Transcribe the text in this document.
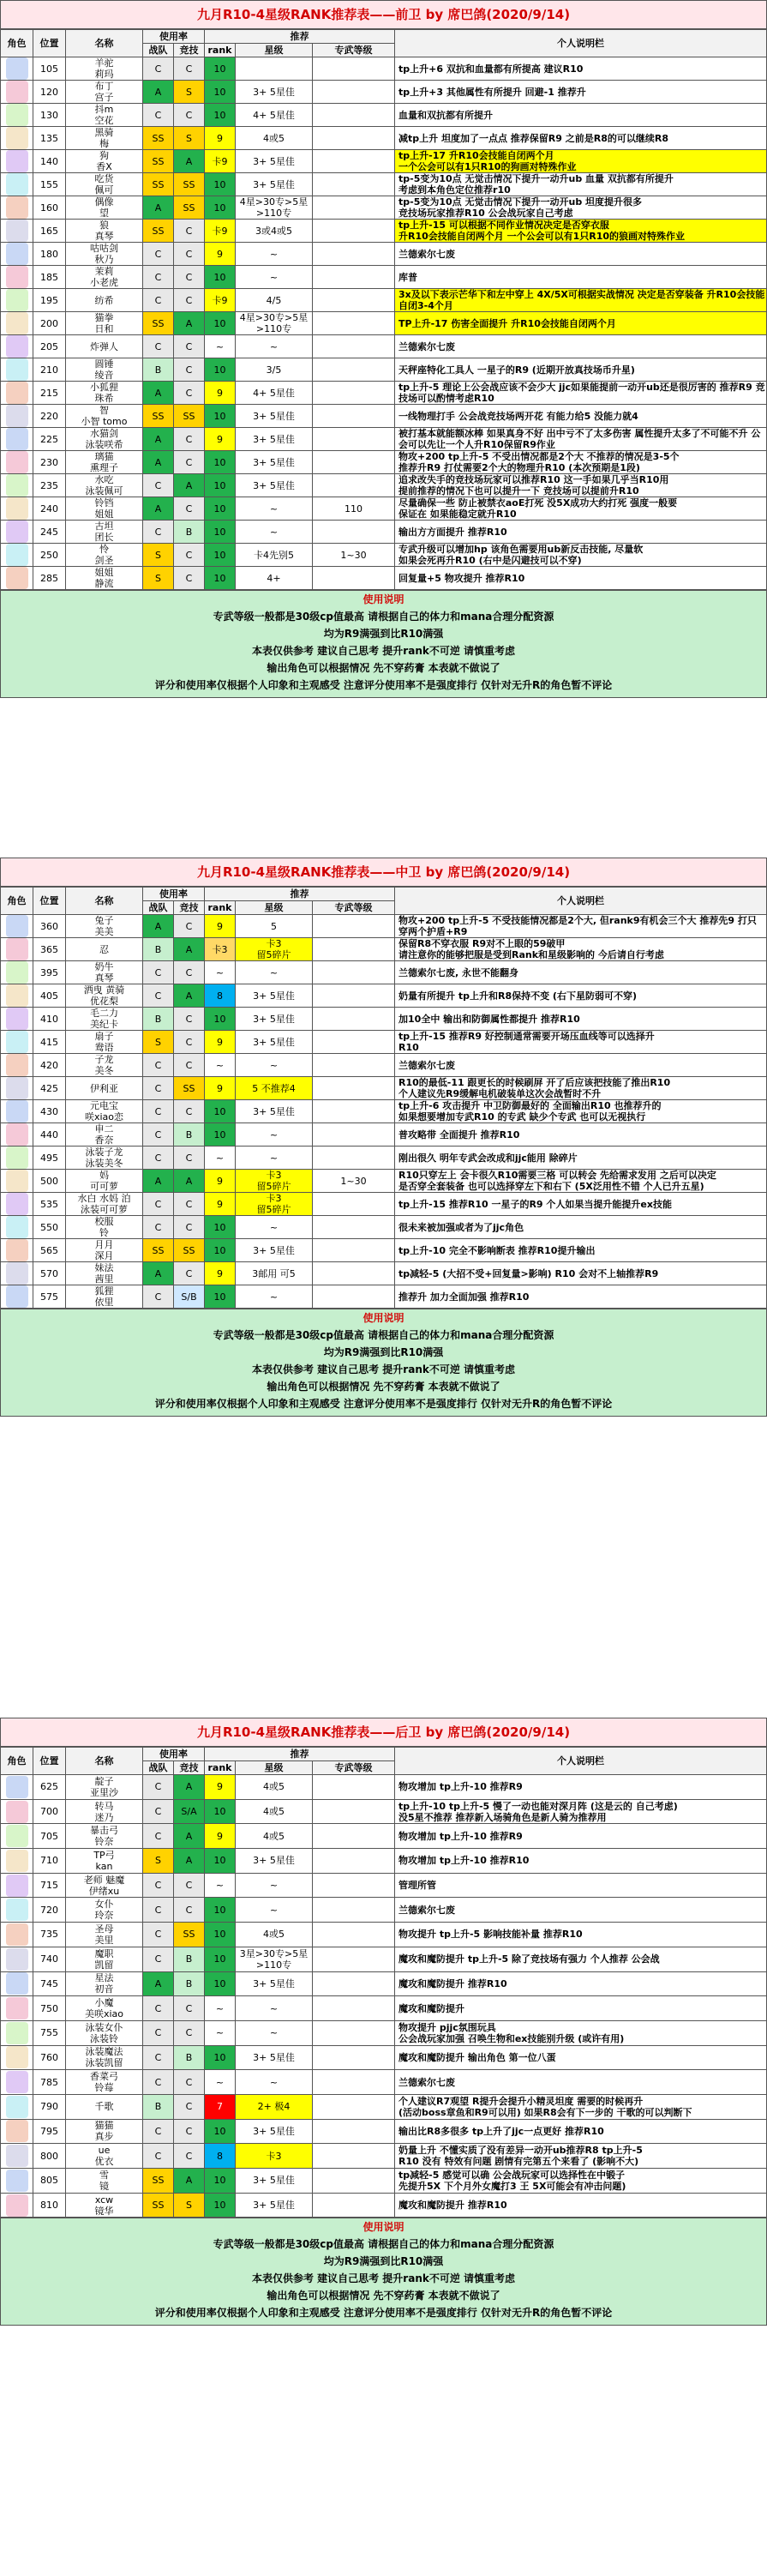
九月R10-4星级RANK推荐表——前卫 by 席巴鸽(2020/9/14)
角色	位置	名称	使用率		推荐			个人说明栏
			战队	竞技	rank	星级	专武等级	

	105	羊驼
莉玛	C	C	10			tp上升+6 双抗和血量都有所提高 建议R10

	120	布丁
宫子	A	S	10	3+ 5星佳		tp上升+3 其他属性有所提升 回避-1 推荐升

	130	抖m
空花	C	C	10	4+ 5星佳		血量和双抗都有所提升

	135	黑骑
梅	SS	S	9	4或5		减tp上升 坦度加了一点点 推荐保留R9 之前是R8的可以继续R8

	140	狗
香X	SS	A	卡9	3+ 5星佳		tp上升-17 升R10会技能自闭两个月
一个公会可以有1只R10的狗画对特殊作业

	155	吃货
佩可	SS	SS	10	3+ 5星佳		tp-5变为10点 无觉击情况下提升一动升ub 血量 双抗都有所提升
考虑到本角色定位推荐r10

	160	偶像
望	A	SS	10	4星>30专>5星>110专		tp-5变为10点 无觉击情况下提升一动开ub 坦度提升很多
竞技场玩家推荐R10 公会战玩家自己考虑

	165	狼
真琴	SS	C	卡9	3或4或5		tp上升-15 可以根据不同作业情况决定是否穿衣服
升R10会技能自闭两个月 一个公会可以有1只R10的狼画对特殊作业

	180	咕咕剑
秋乃	C	C	9	~		兰德索尔七废

	185	茉莉
小老虎	C	C	10	~		库普

	195	纺希	C	C	卡9	4/5		3x及以下表示芒华下和左中穿上 4X/5X可根据实战情况 决定是否穿装备 升R10会技能自闭3-4个月

	200	猫拳
日和	SS	A	10	4星>30专>5星>110专		TP上升-17 伤害全面提升 升R10会技能自闭两个月

	205	炸弹人	C	C	~	~		兰德索尔七废

	210	圆锤
绫音	B	C	10	3/5		天秤座特化工具人 一星子的R9 (近期开放真技场币升星)

	215	小狐狸
珠希	A	C	9	4+ 5星佳		tp上升-5 理论上公会战应该不会少大 jjc如果能提前一动开ub还是很厉害的 推荐R9 竞技场可以酌情考虑R10

	220	智
小智 tomo	SS	SS	10	3+ 5星佳		一线物理打手 公会战竞技场两开花 有能力给5 没能力就4

	225	水猫剑
泳装咲希	A	C	9	3+ 5星佳		被打基本就能额冰棒 如果真身不好 出中亏不了太多伤害 属性提升太多了不可能不升 公会可以先让一个人升R10保留R9作业

	230	璃猫
熏理子	A	C	10	3+ 5星佳		物攻+200 tp上升-5 不受出情况都是2个大 不推荐的情况是3-5个
推荐升R9 打仗需要2个大的物理升R10 (本次预期是1段)

	235	水吃
泳装佩可	C	A	10	3+ 5星佳		追求改失手的竞技场玩家可以推荐R10 这一手如果几乎当R10用
提前推荐的情况下也可以提升一下 竞技场可以提前升R10

	240	铃铛
姐姐	A	C	10	~	110	尽量确保一些 防止被禁衣aoE打死 没5X成功大约打死 强度一般要
保证在 如果能稳定就升R10

	245	古坦
团长	C	B	10	~		输出方方面提升 推荐R10

	250	怜
剑圣	S	C	10	卡4先别5	1~30	专武升级可以增加hp 该角色需要用ub新反击技能, 尽量软
如果会死再升R10 (右中是闪避技可以不穿)

	285	姐姐
静流	S	C	10	4+		回复量+5 物攻提升 推荐R10
使用说明
专武等级一般都是30级cp值最高 请根据自己的体力和mana合理分配资源
均为R9满强到比R10满强
本表仅供参考 建议自己思考 提升rank不可逆 请慎重考虑
输出角色可以根据情况 先不穿药膏 本表就不做说了
评分和使用率仅根据个人印象和主观感受 注意评分使用率不是强度排行 仅针对无升R的角色暂不评论
九月R10-4星级RANK推荐表——中卫 by 席巴鸽(2020/9/14)
角色	位置	名称	使用率		推荐			个人说明栏
			战队	竞技	rank	星级	专武等级	

	360	兔子
美美	A	C	9	5		物攻+200 tp上升-5 不受技能情况都是2个大, 但rank9有机会三个大 推荐先9 打只穿两个护盾+R9

	365	忍	B	A	卡3	卡3
留5碎片		保留R8不穿衣服 R9对不上眼的59破甲
请注意你的能够把服是受到Rank和星级影响的 今后请自行考虑

	395	奶牛
真琴	C	C	~	~		兰德索尔七废, 永世不能翻身

	405	洒曳 黄骑
优花梨	C	A	8	3+ 5星佳		奶量有所提升 tp上升和R8保持不变 (右下星防弱可不穿)

	410	毛二力
美纪卡	B	C	10	3+ 5星佳		加10全中 输出和防御属性都提升 推荐R10

	415	扇子
鸯语	S	C	9	3+ 5星佳		tp上升-15 推荐R9 好控制通常需要开场压血线等可以选择升
R10

	420	子龙
美冬	C	C	~	~		兰德索尔七废

	425	伊利亚	C	SS	9	5 不推荐4		R10的最低-11 跟更长的时候刷屏 开了后应该把技能了推出R10
个人建议先R9缓解电机破装单这次会战暂时不升

	430	元电宝
咲xiao恋	C	C	10	3+ 5星佳		tp上升-6 攻击提升 中卫防御最好的 全面输出R10 也推荐升的
如果想要增加专武R10 的专武 缺少个专武 也可以无视执行

	440	申二
香奈	C	B	10	~		普攻略带 全面提升 推荐R10

	495	泳装子龙
泳装美冬	C	C	~	~		刚出很久 明年专武会改成和jjc能用 除碎片

	500	妈
可可萝	A	A	9	卡3
留5碎片	1~30	R10只穿左上 会卡很久R10需要三格 可以转会 先给需求发用 之后可以决定
是否穿全套装备 也可以选择穿左下和右下 (5X泛用性不错 个人已升五星)

	535	水白 水妈 泊
泳装可可萝	C	C	9	卡3
留5碎片		tp上升-15 推荐R10 一星子的R9 个人如果当提升能提升ex技能

	550	校服
铃	C	C	10	~		很未来被加强或者为了jjc角色

	565	月月
深月	SS	SS	10	3+ 5星佳		tp上升-10 完全不影响断表 推荐R10提升输出

	570	妹法
茜里	A	C	9	3邮用 可5		tp减轻-5 (大招不受+回复量>影响) R10 会对不上轴推荐R9

	575	狐狸
依里	C	S/B	10	~		推荐升 加力全面加强 推荐R10
使用说明
专武等级一般都是30级cp值最高 请根据自己的体力和mana合理分配资源
均为R9满强到比R10满强
本表仅供参考 建议自己思考 提升rank不可逆 请慎重考虑
输出角色可以根据情况 先不穿药膏 本表就不做说了
评分和使用率仅根据个人印象和主观感受 注意评分使用率不是强度排行 仅针对无升R的角色暂不评论
九月R10-4星级RANK推荐表——后卫 by 席巴鸽(2020/9/14)
角色	位置	名称	使用率		推荐			个人说明栏
			战队	竞技	rank	星级	专武等级	

	625	靛子
亚里沙	C	A	9	4或5		物攻增加 tp上升-10 推荐R9

	700	转马
迷乃	C	S/A	10	4或5		tp上升-10 tp上升-5 慢了一动也能对深月阵 (这是云的 自己考虑)
没5星不推荐 推荐新入场骑角色是新人骑为推荐用

	705	暴击弓
铃奈	C	A	9	4或5		物攻增加 tp上升-10 推荐R9

	710	TP弓
kan	S	A	10	3+ 5星佳		物攻增加 tp上升-10 推荐R10

	715	老师 魅魔
伊绪xu	C	C	~	~		管理所管

	720	女仆
玲奈	C	C	10	~		兰德索尔七废

	735	圣母
美里	C	SS	10	4或5		物攻提升 tp上升-5 影响技能补量 推荐R10

	740	魔职
凯留	C	B	10	3星>30专>5星>110专		魔攻和魔防提升 tp上升-5 除了竞技场有强力 个人推荐 公会战

	745	星法
初音	A	B	10	3+ 5星佳		魔攻和魔防提升 推荐R10

	750	小魔
美咲xiao	C	C	~	~		魔攻和魔防提升

	755	泳装女仆
泳装铃	C	C	~	~		物攻提升 pjjc氛围玩具
公会战玩家加强 召唤生物和ex技能别升级 (或许有用)

	760	泳装魔法
泳装凯留	C	B	10	3+ 5星佳		魔攻和魔防提升 输出角色 第一位八蛋

	785	香菜弓
铃莓	C	C	~	~		兰德索尔七废

	790	千歌	B	C	7	2+ 极4		个人建议R7观望 R提升会提升小精灵坦度 需要的时候再升
(活动boss章鱼和R9可以用) 如果R8会有下一步的 干歌的可以判断下

	795	猫猫
真步	C	C	10	3+ 5星佳		输出比R8多很多 tp上升了jjc一点更好 推荐R10

	800	ue
优衣	C	C	8	卡3		奶量上升 不懂实质了没有差异一动开ub推荐R8 tp上升-5
R10 没有 特效有问题 剧情有完第五个来看了 (影响不大)

	805	雪
镜	SS	A	10	3+ 5星佳		tp减轻-5 感觉可以确 公会战玩家可以选择性在中锻子
先提升5X 下个月外女魔打3 王 5X可能会有冲击问题)

	810	xcw
镜华	SS	S	10	3+ 5星佳		魔攻和魔防提升 推荐R10
使用说明
专武等级一般都是30级cp值最高 请根据自己的体力和mana合理分配资源
均为R9满强到比R10满强
本表仅供参考 建议自己思考 提升rank不可逆 请慎重考虑
输出角色可以根据情况 先不穿药膏 本表就不做说了
评分和使用率仅根据个人印象和主观感受 注意评分使用率不是强度排行 仅针对无升R的角色暂不评论
